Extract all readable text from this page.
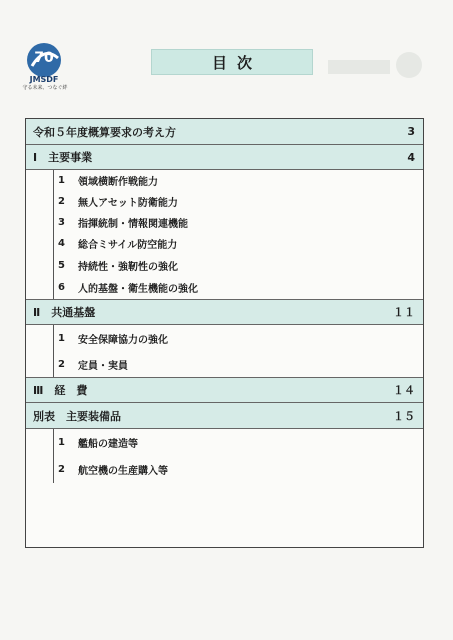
70
JMSDF
守る未来、つなぐ絆
目次
令和５年度概算要求の考え方	3
Ⅰ　主要事業	4
1	領域横断作戦能力
2	無人アセット防衛能力
3	指揮統制・情報関連機能
4	総合ミサイル防空能力
5	持続性・強靭性の強化
6	人的基盤・衛生機能の強化
Ⅱ　共通基盤	１１
1	安全保障協力の強化
2	定員・実員
Ⅲ　経　費	１４
別表　主要装備品	１５
1	艦船の建造等
2	航空機の生産購入等
